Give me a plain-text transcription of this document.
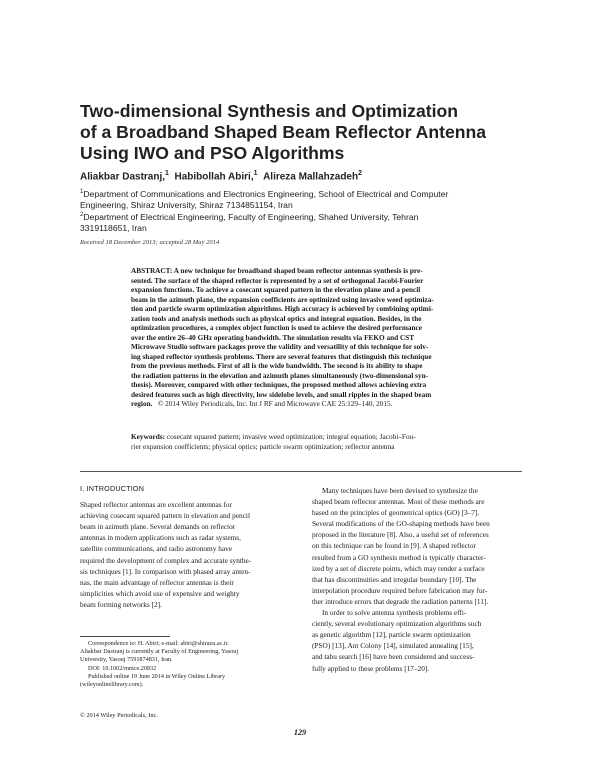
Two-dimensional Synthesis and Optimization
of a Broadband Shaped Beam Reflector Antenna
Using IWO and PSO Algorithms
Aliakbar Dastranj,$^1$ Habibollah Abiri,$^1$ Alireza Mallahzadeh$^2$
$^1$Department of Communications and Electronics Engineering, School of Electrical and Computer
Engineering, Shiraz University, Shiraz 7134851154, Iran
$^2$Department of Electrical Engineering, Faculty of Engineering, Shahed University, Tehran
3319118651, Iran
Received 18 December 2013; accepted 28 May 2014
ABSTRACT: A new technique for broadband shaped beam reflector antennas synthesis is pre-
sented. The surface of the shaped reflector is represented by a set of orthogonal Jacobi-Fourier
expansion functions. To achieve a cosecant squared pattern in the elevation plane and a pencil
beam in the azimuth plane, the expansion coefficients are optimized using invasive weed optimiza-
tion and particle swarm optimization algorithms. High accuracy is achieved by combining optimi-
zation tools and analysis methods such as physical optics and integral equation. Besides, in the
optimization procedures, a complex object function is used to achieve the desired performance
over the entire 26–40 GHz operating bandwidth. The simulation results via FEKO and CST
Microwave Studio software packages prove the validity and versatility of this technique for solv-
ing shaped reflector synthesis problems. There are several features that distinguish this technique
from the previous methods. First of all is the wide bandwidth. The second is its ability to shape
the radiation patterns in the elevation and azimuth planes simultaneously (two-dimensional syn-
thesis). Moreover, compared with other techniques, the proposed method allows achieving extra
desired features such as high directivity, low sidelobe levels, and small ripples in the shaped beam
region. © 2014 Wiley Periodicals, Inc. Int J RF and Microwave CAE 25:129–140, 2015.
Keywords: cosecant squared pattern; invasive weed optimization; integral equation; Jacobi–Fou-
rier expansion coefficients; physical optics; particle swarm optimization; reflector antenna
I. INTRODUCTION
Shaped reflector antennas are excellent antennas for
achieving cosecant squared pattern in elevation and pencil
beam in azimuth plane. Several demands on reflector
antennas in modern applications such as radar systems,
satellite communications, and radio astronomy have
required the development of complex and accurate synthe-
sis techniques [1]. In comparison with phased array anten-
nas, the main advantage of reflector antennas is their
simplicities which avoid use of expensive and weighty
beam forming networks [2].
Correspondence to: H. Abiri; e-mail: abiri@shirazu.ac.ir.
Aliakbar Dastranj is currently at Faculty of Engineering, Yasouj
University, Yasouj 7591874831, Iran.
DOI: 10.1002/mmce.20832
Published online 19 June 2014 in Wiley Online Library
(wileyonlinelibrary.com).
Many techniques have been devised to synthesize the
shaped beam reflector antennas. Most of these methods are
based on the principles of geometrical optics (GO) [3–7].
Several modifications of the GO-shaping methods have been
proposed in the literature [8]. Also, a useful set of references
on this technique can be found in [9]. A shaped reflector
resulted from a GO synthesis method is typically character-
ized by a set of discrete points, which may render a surface
that has discontinuities and irregular boundary [10]. The
interpolation procedure required before fabrication may fur-
ther introduce errors that degrade the radiation patterns [11].
In order to solve antenna synthesis problems effi-
ciently, several evolutionary optimization algorithms such
as genetic algorithm [12], particle swarm optimization
(PSO) [13], Ant Colony [14], simulated annealing [15],
and tabu search [16] have been considered and success-
fully applied to these problems [17–20].
© 2014 Wiley Periodicals, Inc.
129
